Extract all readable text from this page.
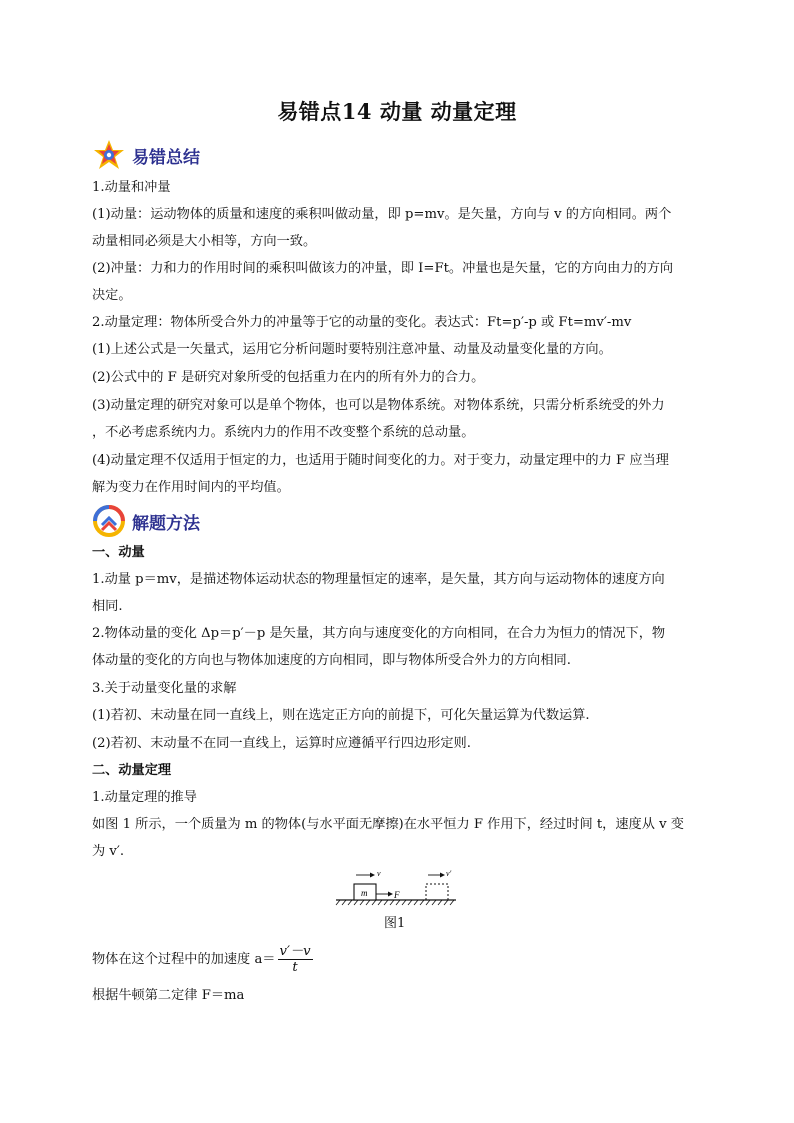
易错点14 动量 动量定理
易错总结
1.动量和冲量
(1)动量：运动物体的质量和速度的乘积叫做动量，即 p=mv。是矢量，方向与 v 的方向相同。两个
动量相同必须是大小相等，方向一致。
(2)冲量：力和力的作用时间的乘积叫做该力的冲量，即 I=Ft。冲量也是矢量，它的方向由力的方向
决定。
2.动量定理：物体所受合外力的冲量等于它的动量的变化。表达式：Ft=p′-p 或 Ft=mv′-mv
(1)上述公式是一矢量式，运用它分析问题时要特别注意冲量、动量及动量变化量的方向。
(2)公式中的 F 是研究对象所受的包括重力在内的所有外力的合力。
(3)动量定理的研究对象可以是单个物体，也可以是物体系统。对物体系统，只需分析系统受的外力
，不必考虑系统内力。系统内力的作用不改变整个系统的总动量。
(4)动量定理不仅适用于恒定的力，也适用于随时间变化的力。对于变力，动量定理中的力 F 应当理
解为变力在作用时间内的平均值。
解题方法
一、动量
1.动量 p＝mv，是描述物体运动状态的物理量恒定的速率，是矢量，其方向与运动物体的速度方向
相同.
2.物体动量的变化 Δp＝p′－p 是矢量，其方向与速度变化的方向相同，在合力为恒力的情况下，物
体动量的变化的方向也与物体加速度的方向相同，即与物体所受合外力的方向相同.
3.关于动量变化量的求解
(1)若初、末动量在同一直线上，则在选定正方向的前提下，可化矢量运算为代数运算.
(2)若初、末动量不在同一直线上，运算时应遵循平行四边形定则.
二、动量定理
1.动量定理的推导
如图 1 所示，一个质量为 m 的物体(与水平面无摩擦)在水平恒力 F 作用下，经过时间 t，速度从 v 变
为 v′.
m	F
v	v′
图1
物体在这个过程中的加速度 $a= \frac{v'-v}{t}$
根据牛顿第二定律 F＝ma
